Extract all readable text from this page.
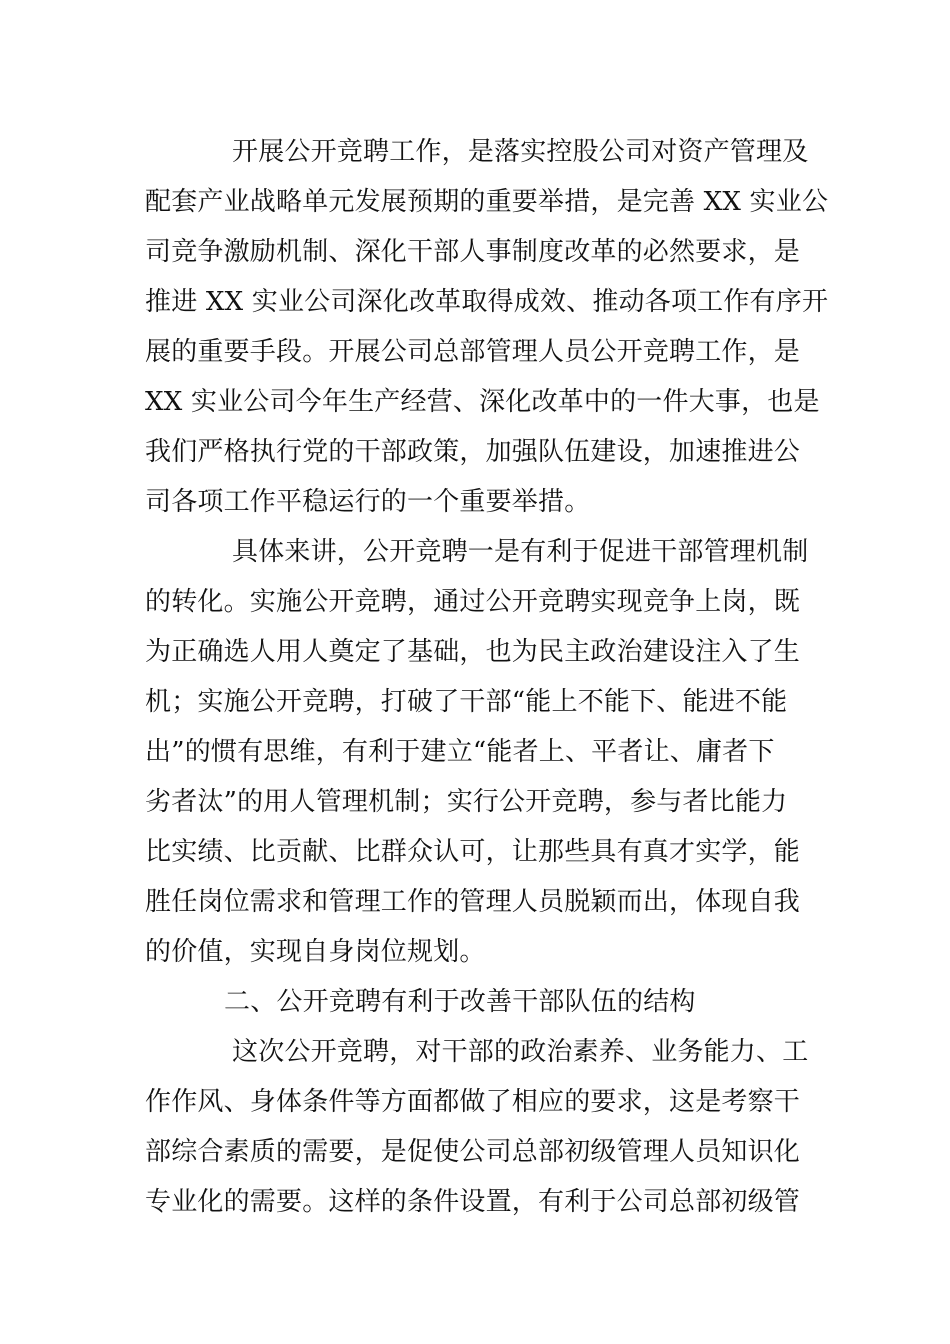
开展公开竞聘工作，是落实控股公司对资产管理及
配套产业战略单元发展预期的重要举措，是完善 XX 实业公
司竞争激励机制、深化干部人事制度改革的必然要求，是
推进 XX 实业公司深化改革取得成效、推动各项工作有序开
展的重要手段。开展公司总部管理人员公开竞聘工作，是
XX 实业公司今年生产经营、深化改革中的一件大事，也是
我们严格执行党的干部政策，加强队伍建设，加速推进公
司各项工作平稳运行的一个重要举措。
具体来讲，公开竞聘一是有利于促进干部管理机制
的转化。实施公开竞聘，通过公开竞聘实现竞争上岗，既
为正确选人用人奠定了基础，也为民主政治建设注入了生
机；实施公开竞聘，打破了干部“能上不能下、能进不能
出”的惯有思维，有利于建立“能者上、平者让、庸者下
劣者汰”的用人管理机制；实行公开竞聘，参与者比能力
比实绩、比贡献、比群众认可，让那些具有真才实学，能
胜任岗位需求和管理工作的管理人员脱颖而出，体现自我
的价值，实现自身岗位规划。
二、公开竞聘有利于改善干部队伍的结构
这次公开竞聘，对干部的政治素养、业务能力、工
作作风、身体条件等方面都做了相应的要求，这是考察干
部综合素质的需要，是促使公司总部初级管理人员知识化
专业化的需要。这样的条件设置，有利于公司总部初级管
